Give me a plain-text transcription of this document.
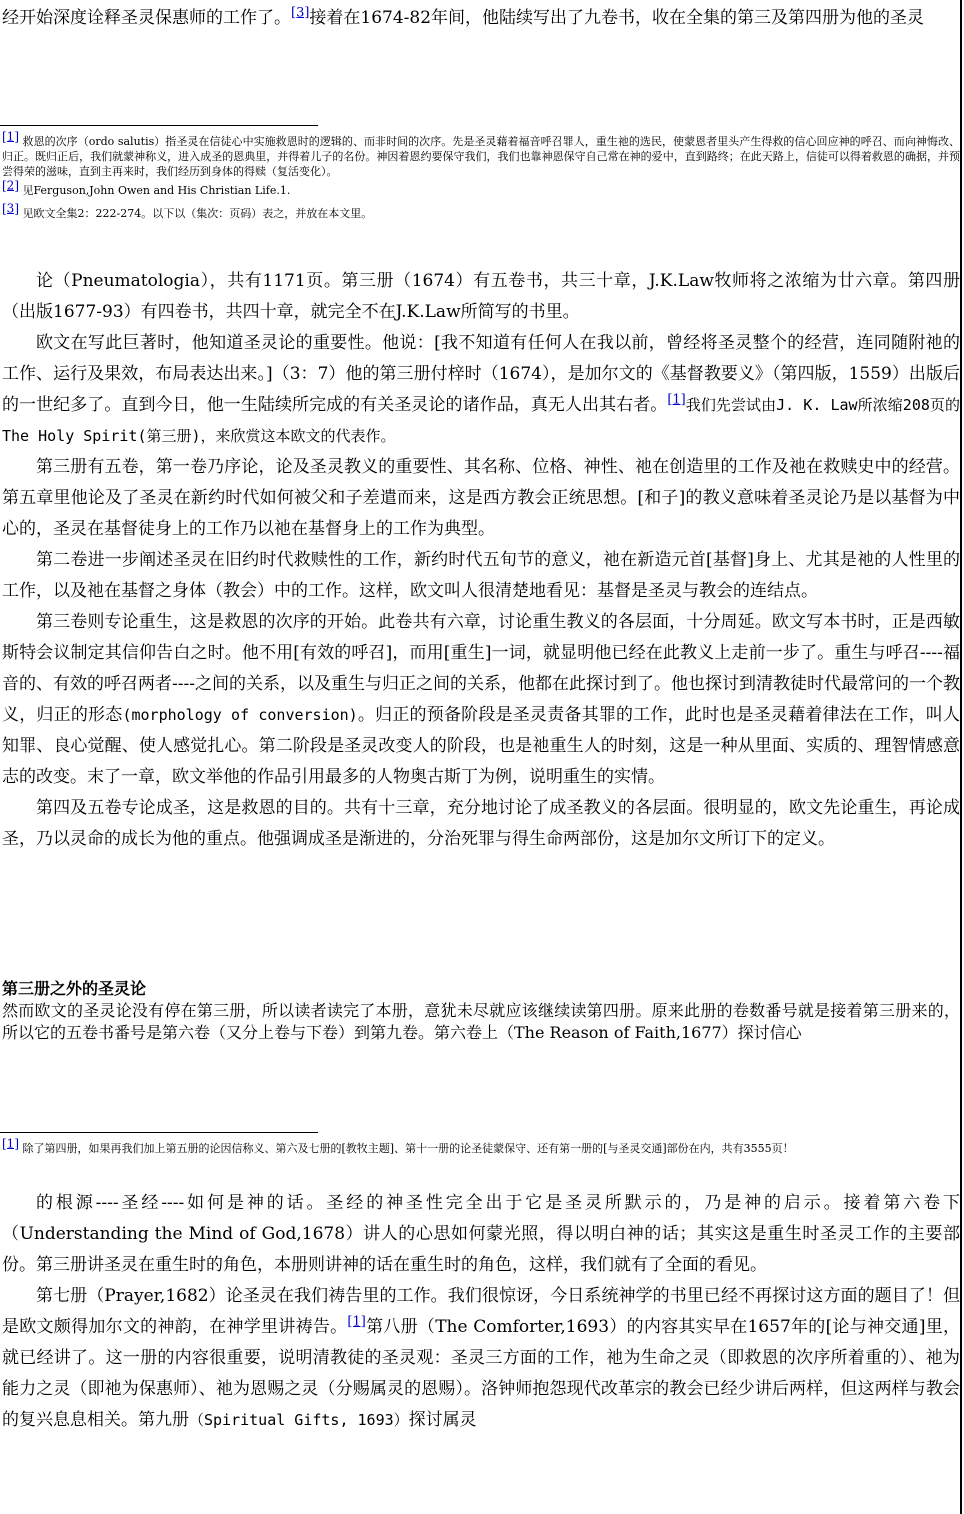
经开始深度诠释圣灵保惠师的工作了。[3]接着在1674-82年间，他陆续写出了九卷书，收在全集的第三及第四册为他的圣灵

[1] 救恩的次序（ordo salutis）指圣灵在信徒心中实施救恩时的逻辑的、而非时间的次序。先是圣灵藉着福音呼召罪人，重生祂的选民，使蒙恩者里头产生得救的信心回应神的呼召、而向神悔改、归正。既归正后，我们就蒙神称义，进入成圣的恩典里，并得着儿子的名份。神因着恩约要保守我们，我们也靠神恩保守自己常在神的爱中，直到路终；在此天路上，信徒可以得着救恩的确据，并预尝得荣的滋味，直到主再来时，我们经历到身体的得赎（复活变化）。

[2] 见Ferguson,John Owen and His Christian Life.1.

[3] 见欧文全集2：222-274。以下以（集次：页码）表之，并放在本文里。

论（Pneumatologia），共有1171页。第三册（1674）有五卷书，共三十章，J.K.Law牧师将之浓缩为廿六章。第四册（出版1677-93）有四卷书，共四十章，就完全不在J.K.Law所简写的书里。

欧文在写此巨著时，他知道圣灵论的重要性。他说：[我不知道有任何人在我以前，曾经将圣灵整个的经营，连同随附祂的工作、运行及果效，布局表达出来。]（3：7）他的第三册付梓时（1674），是加尔文的《基督教要义》（第四版，1559）出版后的一世纪多了。直到今日，他一生陆续所完成的有关圣灵论的诸作品，真无人出其右者。[1]我们先尝试由J. K. Law所浓缩208页的The Holy Spirit(第三册)，来欣赏这本欧文的代表作。

第三册有五卷，第一卷乃序论，论及圣灵教义的重要性、其名称、位格、神性、祂在创造里的工作及祂在救赎史中的经营。第五章里他论及了圣灵在新约时代如何被父和子差遣而来，这是西方教会正统思想。[和子]的教义意味着圣灵论乃是以基督为中心的，圣灵在基督徒身上的工作乃以祂在基督身上的工作为典型。

第二卷进一步阐述圣灵在旧约时代救赎性的工作，新约时代五旬节的意义，祂在新造元首[基督]身上、尤其是祂的人性里的工作，以及祂在基督之身体（教会）中的工作。这样，欧文叫人很清楚地看见：基督是圣灵与教会的连结点。

第三卷则专论重生，这是救恩的次序的开始。此卷共有六章，讨论重生教义的各层面，十分周延。欧文写本书时，正是西敏斯特会议制定其信仰告白之时。他不用[有效的呼召]，而用[重生]一词，就显明他已经在此教义上走前一步了。重生与呼召----福音的、有效的呼召两者----之间的关系，以及重生与归正之间的关系，他都在此探讨到了。他也探讨到清教徒时代最常问的一个教义，归正的形态(morphology of conversion)。归正的预备阶段是圣灵责备其罪的工作，此时也是圣灵藉着律法在工作，叫人知罪、良心觉醒、使人感觉扎心。第二阶段是圣灵改变人的阶段，也是祂重生人的时刻，这是一种从里面、实质的、理智情感意志的改变。末了一章，欧文举他的作品引用最多的人物奥古斯丁为例，说明重生的实情。

第四及五卷专论成圣，这是救恩的目的。共有十三章，充分地讨论了成圣教义的各层面。很明显的，欧文先论重生，再论成圣，乃以灵命的成长为他的重点。他强调成圣是渐进的，分治死罪与得生命两部份，这是加尔文所订下的定义。

第三册之外的圣灵论

然而欧文的圣灵论没有停在第三册，所以读者读完了本册，意犹未尽就应该继续读第四册。原来此册的卷数番号就是接着第三册来的，所以它的五卷书番号是第六卷（又分上卷与下卷）到第九卷。第六卷上（The Reason of Faith,1677）探讨信心

[1] 除了第四册，如果再我们加上第五册的论因信称义、第六及七册的[教牧主题]、第十一册的论圣徒蒙保守、还有第一册的[与圣灵交通]部份在内，共有3555页！

的根源----圣经----如何是神的话。圣经的神圣性完全出于它是圣灵所默示的，乃是神的启示。接着第六卷下（Understanding the Mind of God,1678）讲人的心思如何蒙光照，得以明白神的话；其实这是重生时圣灵工作的主要部份。第三册讲圣灵在重生时的角色，本册则讲神的话在重生时的角色，这样，我们就有了全面的看见。

第七册（Prayer,1682）论圣灵在我们祷告里的工作。我们很惊讶，今日系统神学的书里已经不再探讨这方面的题目了！但是欧文颇得加尔文的神韵，在神学里讲祷告。[1]第八册（The Comforter,1693）的内容其实早在1657年的[论与神交通]里，就已经讲了。这一册的内容很重要，说明清教徒的圣灵观：圣灵三方面的工作，祂为生命之灵（即救恩的次序所着重的）、祂为能力之灵（即祂为保惠师）、祂为恩赐之灵（分赐属灵的恩赐）。洛钟师抱怨现代改革宗的教会已经少讲后两样，但这两样与教会的复兴息息相关。第九册（Spiritual Gifts, 1693）探讨属灵
